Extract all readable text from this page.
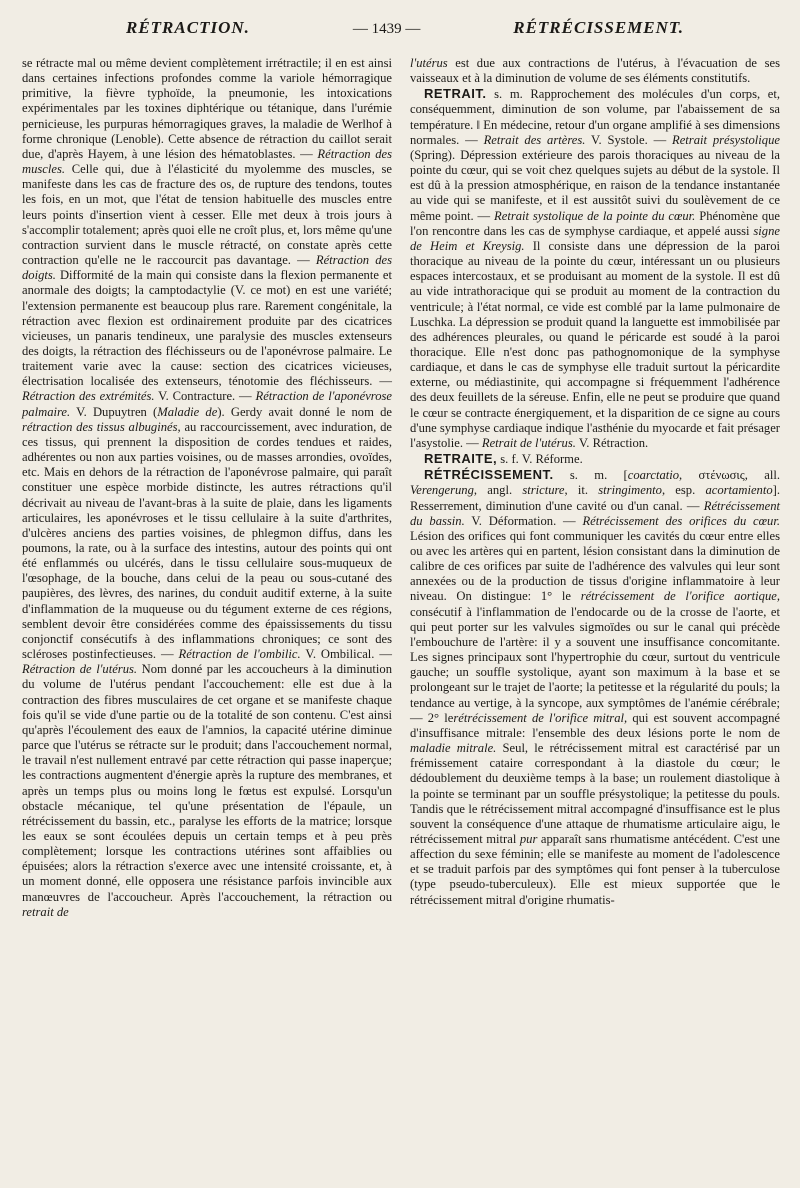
RÉTRACTION.	— 1439 —	RÉTRÉCISSEMENT.

se rétracte mal ou même devient complètement irrétractile; il en est ainsi dans certaines infections profondes comme la variole hémorragique primitive, la fièvre typhoïde, la pneumonie, les intoxications expérimentales par les toxines diphtérique ou tétanique, dans l'urémie pernicieuse, les purpuras hémorragiques graves, la maladie de Werlhof à forme chronique (Lenoble). Cette absence de rétraction du caillot serait due, d'après Hayem, à une lésion des hématoblastes. — Rétraction des muscles. Celle qui, due à l'élasticité du myolemme des muscles, se manifeste dans les cas de fracture des os, de rupture des tendons, toutes les fois, en un mot, que l'état de tension habituelle des muscles entre leurs points d'insertion vient à cesser. Elle met deux à trois jours à s'accomplir totalement; après quoi elle ne croît plus, et, lors même qu'une contraction survient dans le muscle rétracté, on constate après cette contraction qu'elle ne le raccourcit pas davantage. — Rétraction des doigts. Difformité de la main qui consiste dans la flexion permanente et anormale des doigts; la camptodactylie (V. ce mot) en est une variété; l'extension permanente est beaucoup plus rare. Rarement congénitale, la rétraction avec flexion est ordinairement produite par des cicatrices vicieuses, un panaris tendineux, une paralysie des muscles extenseurs des doigts, la rétraction des fléchisseurs ou de l'aponévrose palmaire. Le traitement varie avec la cause: section des cicatrices vicieuses, électrisation localisée des extenseurs, ténotomie des fléchisseurs. — Rétraction des extrémités. V. Contracture. — Rétraction de l'aponévrose palmaire. V. Dupuytren (Maladie de). Gerdy avait donné le nom de rétraction des tissus albuginés, au raccourcissement, avec induration, de ces tissus, qui prennent la disposition de cordes tendues et raides, adhérentes ou non aux parties voisines, ou de masses arrondies, ovoïdes, etc. Mais en dehors de la rétraction de l'aponévrose palmaire, qui paraît constituer une espèce morbide distincte, les autres rétractions qu'il décrivait au niveau de l'avant-bras à la suite de plaie, dans les ligaments articulaires, les aponévroses et le tissu cellulaire à la suite d'arthrites, d'ulcères anciens des parties voisines, de phlegmon diffus, dans les poumons, la rate, ou à la surface des intestins, autour des points qui ont été enflammés ou ulcérés, dans le tissu cellulaire sous-muqueux de l'œsophage, de la bouche, dans celui de la peau ou sous-cutané des paupières, des lèvres, des narines, du conduit auditif externe, à la suite d'inflammation de la muqueuse ou du tégument externe de ces régions, semblent devoir être considérées comme des épaississements du tissu conjonctif consécutifs à des inflammations chroniques; ce sont des scléroses postinfectieuses. — Rétraction de l'ombilic. V. Ombilical. — Rétraction de l'utérus. Nom donné par les accoucheurs à la diminution du volume de l'utérus pendant l'accouchement: elle est due à la contraction des fibres musculaires de cet organe et se manifeste chaque fois qu'il se vide d'une partie ou de la totalité de son contenu. C'est ainsi qu'après l'écoulement des eaux de l'amnios, la capacité utérine diminue parce que l'utérus se rétracte sur le produit; dans l'accouchement normal, le travail n'est nullement entravé par cette rétraction qui passe inaperçue; les contractions augmentent d'énergie après la rupture des membranes, et après un temps plus ou moins long le fœtus est expulsé. Lorsqu'un obstacle mécanique, tel qu'une présentation de l'épaule, un rétrécissement du bassin, etc., paralyse les efforts de la matrice; lorsque les eaux se sont écoulées depuis un certain temps et à peu près complètement; lorsque les contractions utérines sont affaiblies ou épuisées; alors la rétraction s'exerce avec une intensité croissante, et, à un moment donné, elle opposera une résistance parfois invincible aux manœuvres de l'accoucheur. Après l'accouchement, la rétraction ou retrait de

l'utérus est due aux contractions de l'utérus, à l'évacuation de ses vaisseaux et à la diminution de volume de ses éléments constitutifs.

RETRAIT. s. m. Rapprochement des molécules d'un corps, et, conséquemment, diminution de son volume, par l'abaissement de sa température. ‖ En médecine, retour d'un organe amplifié à ses dimensions normales. — Retrait des artères. V. Systole. — Retrait présystolique (Spring). Dépression extérieure des parois thoraciques au niveau de la pointe du cœur, qui se voit chez quelques sujets au début de la systole. Il est dû à la pression atmosphérique, en raison de la tendance instantanée au vide qui se manifeste, et il est aussitôt suivi du soulèvement de ce même point. — Retrait systolique de la pointe du cœur. Phénomène que l'on rencontre dans les cas de symphyse cardiaque, et appelé aussi signe de Heim et Kreysig. Il consiste dans une dépression de la paroi thoracique au niveau de la pointe du cœur, intéressant un ou plusieurs espaces intercostaux, et se produisant au moment de la systole. Il est dû au vide intrathoracique qui se produit au moment de la contraction du ventricule; à l'état normal, ce vide est comblé par la lame pulmonaire de Luschka. La dépression se produit quand la languette est immobilisée par des adhérences pleurales, ou quand le péricarde est soudé à la paroi thoracique. Elle n'est donc pas pathognomonique de la symphyse cardiaque, et dans le cas de symphyse elle traduit surtout la péricardite externe, ou médiastinite, qui accompagne si fréquemment l'adhérence des deux feuillets de la séreuse. Enfin, elle ne peut se produire que quand le cœur se contracte énergiquement, et la disparition de ce signe au cours d'une symphyse cardiaque indique l'asthénie du myocarde et fait présager l'asystolie. — Retrait de l'utérus. V. Rétraction.

RETRAITE, s. f. V. Réforme.

RÉTRÉCISSEMENT. s. m. [coarctatio, στένωσις, all. Verengerung, angl. stricture, it. stringimento, esp. acortamiento]. Resserrement, diminution d'une cavité ou d'un canal. — Rétrécissement du bassin. V. Déformation. — Rétrécissement des orifices du cœur. Lésion des orifices qui font communiquer les cavités du cœur entre elles ou avec les artères qui en partent, lésion consistant dans la diminution de calibre de ces orifices par suite de l'adhérence des valvules qui leur sont annexées ou de la production de tissus d'origine inflammatoire à leur niveau. On distingue: 1° le rétrécissement de l'orifice aortique, consécutif à l'inflammation de l'endocarde ou de la crosse de l'aorte, et qui peut porter sur les valvules sigmoïdes ou sur le canal qui précède l'embouchure de l'artère: il y a souvent une insuffisance concomitante. Les signes principaux sont l'hypertrophie du cœur, surtout du ventricule gauche; un souffle systolique, ayant son maximum à la base et se prolongeant sur le trajet de l'aorte; la petitesse et la régularité du pouls; la tendance au vertige, à la syncope, aux symptômes de l'anémie cérébrale; — 2° lerétrécissement de l'orifice mitral, qui est souvent accompagné d'insuffisance mitrale: l'ensemble des deux lésions porte le nom de maladie mitrale. Seul, le rétrécissement mitral est caractérisé par un frémissement cataire correspondant à la diastole du cœur; le dédoublement du deuxième temps à la base; un roulement diastolique à la pointe se terminant par un souffle présystolique; la petitesse du pouls. Tandis que le rétrécissement mitral accompagné d'insuffisance est le plus souvent la conséquence d'une attaque de rhumatisme articulaire aigu, le rétrécissement mitral pur apparaît sans rhumatisme antécédent. C'est une affection du sexe féminin; elle se manifeste au moment de l'adolescence et se traduit parfois par des symptômes qui font penser à la tuberculose (type pseudo-tuberculeux). Elle est mieux supportée que le rétrécissement mitral d'origine rhumatis-
